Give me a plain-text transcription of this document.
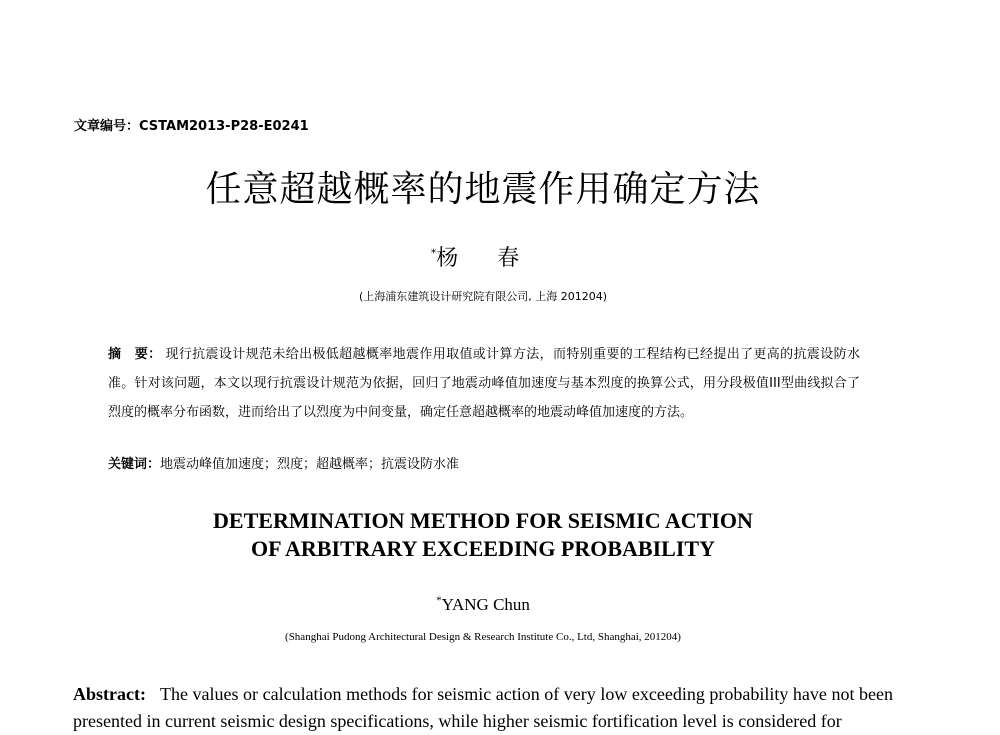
文章编号：CSTAM2013-P28-E0241
任意超越概率的地震作用确定方法
*杨 春
(上海浦东建筑设计研究院有限公司, 上海 201204)
摘　要： 现行抗震设计规范未给出极低超越概率地震作用取值或计算方法，而特别重要的工程结构已经提出了更高的抗震设防水准。针对该问题，本文以现行抗震设计规范为依据，回归了地震动峰值加速度与基本烈度的换算公式，用分段极值III型曲线拟合了烈度的概率分布函数，进而给出了以烈度为中间变量，确定任意超越概率的地震动峰值加速度的方法。
关键词：地震动峰值加速度；烈度；超越概率；抗震设防水准
DETERMINATION METHOD FOR SEISMIC ACTION
OF ARBITRARY EXCEEDING PROBABILITY
*YANG Chun
(Shanghai Pudong Architectural Design & Research Institute Co., Ltd, Shanghai, 201204)
Abstract: The values or calculation methods for seismic action of very low exceeding probability have not been presented in current seismic design specifications, while higher seismic fortification level is considered for
